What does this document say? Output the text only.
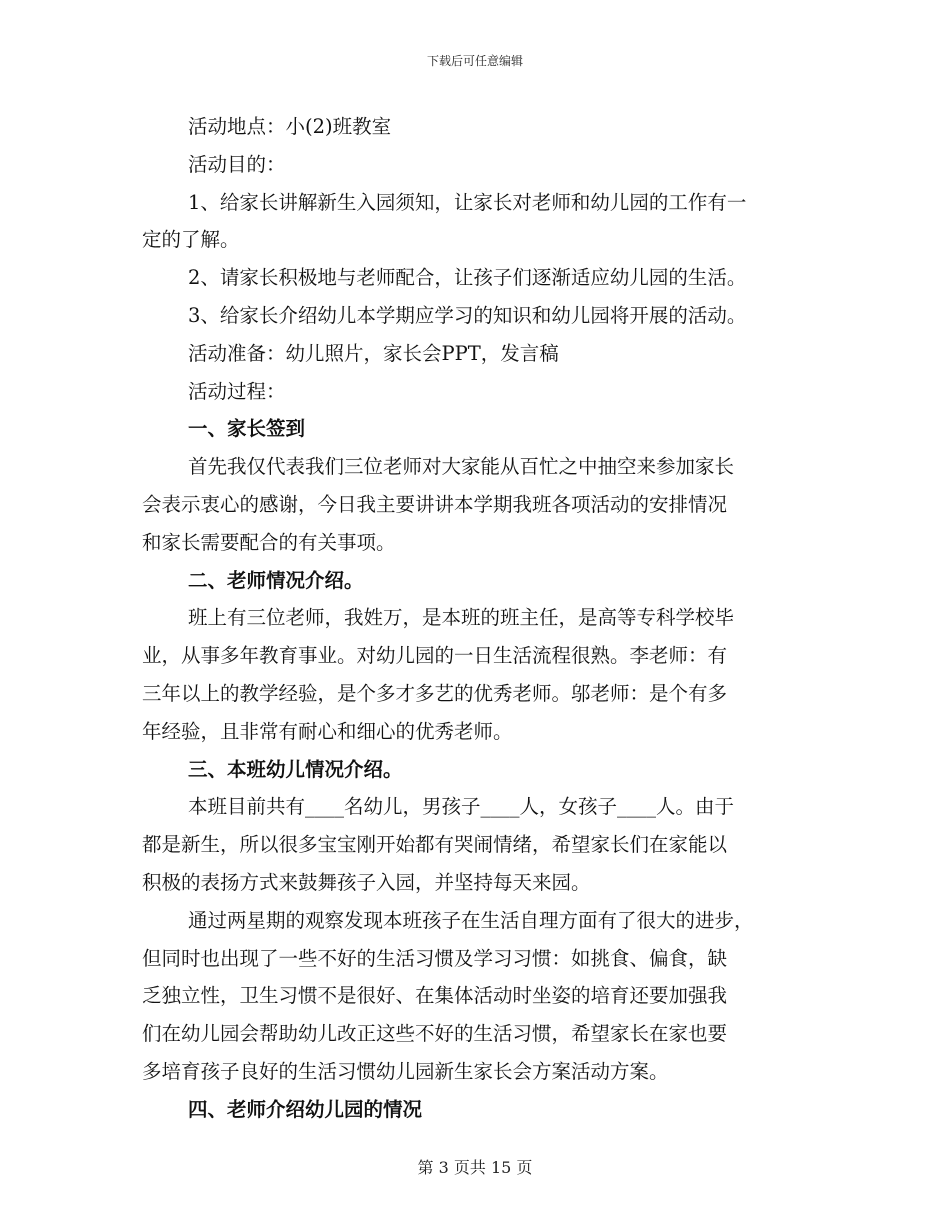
下载后可任意编辑
活动地点：小(2)班教室
活动目的：
1、给家长讲解新生入园须知，让家长对老师和幼儿园的工作有一
定的了解。
2、请家长积极地与老师配合，让孩子们逐渐适应幼儿园的生活。
3、给家长介绍幼儿本学期应学习的知识和幼儿园将开展的活动。
活动准备：幼儿照片，家长会PPT，发言稿
活动过程：
一、家长签到
首先我仅代表我们三位老师对大家能从百忙之中抽空来参加家长
会表示衷心的感谢，今日我主要讲讲本学期我班各项活动的安排情况
和家长需要配合的有关事项。
二、老师情况介绍。
班上有三位老师，我姓万，是本班的班主任，是高等专科学校毕
业，从事多年教育事业。对幼儿园的一日生活流程很熟。李老师：有
三年以上的教学经验，是个多才多艺的优秀老师。邬老师：是个有多
年经验，且非常有耐心和细心的优秀老师。
三、本班幼儿情况介绍。
本班目前共有____名幼儿，男孩子____人，女孩子____人。由于
都是新生，所以很多宝宝刚开始都有哭闹情绪，希望家长们在家能以
积极的表扬方式来鼓舞孩子入园，并坚持每天来园。
通过两星期的观察发现本班孩子在生活自理方面有了很大的进步，
但同时也出现了一些不好的生活习惯及学习习惯：如挑食、偏食，缺
乏独立性，卫生习惯不是很好、在集体活动时坐姿的培育还要加强我
们在幼儿园会帮助幼儿改正这些不好的生活习惯，希望家长在家也要
多培育孩子良好的生活习惯幼儿园新生家长会方案活动方案。
四、老师介绍幼儿园的情况
第 3 页共 15 页
